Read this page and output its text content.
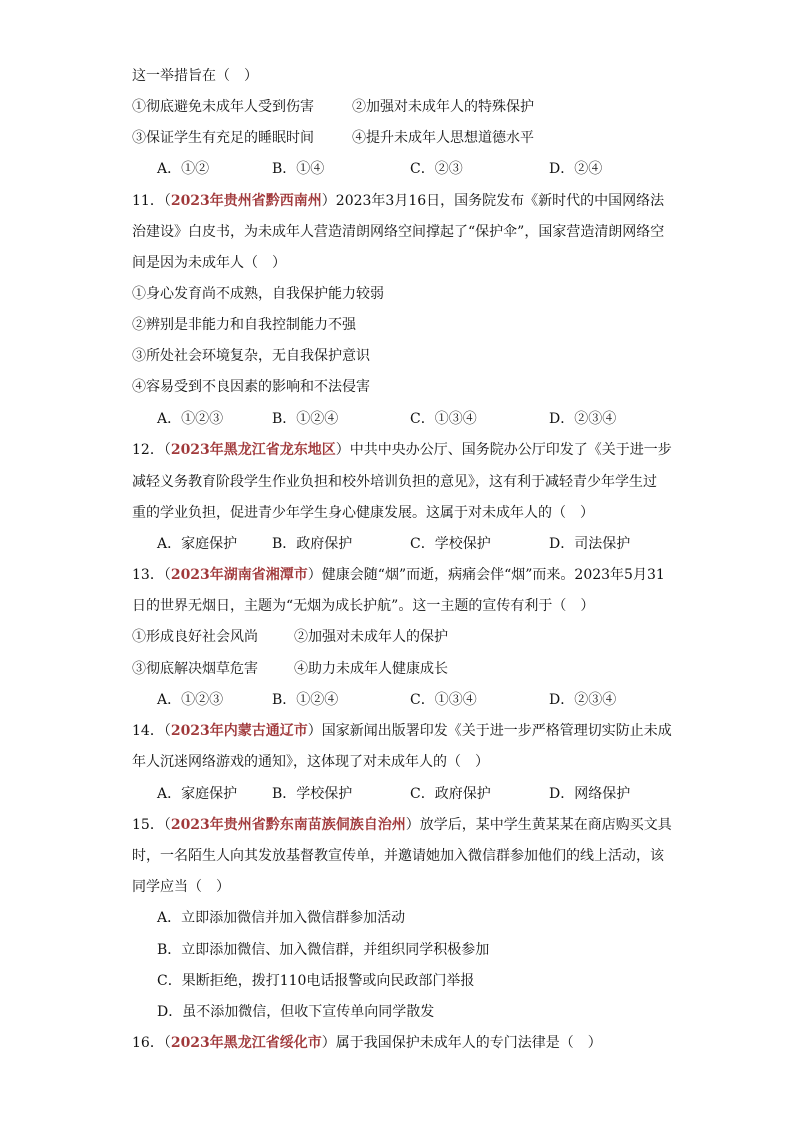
这一举措旨在（　）
①彻底避免未成年人受到伤害	②加强对未成年人的特殊保护
③保证学生有充足的睡眠时间	④提升未成年人思想道德水平
A．①②	B．①④	C．②③	D．②④
11．（2023年贵州省黔西南州）2023年3月16日，国务院发布《新时代的中国网络法
治建设》白皮书，为未成年人营造清朗网络空间撑起了“保护伞”，国家营造清朗网络空
间是因为未成年人（　）
①身心发育尚不成熟，自我保护能力较弱
②辨别是非能力和自我控制能力不强
③所处社会环境复杂，无自我保护意识
④容易受到不良因素的影响和不法侵害
A．①②③	B．①②④	C．①③④	D．②③④
12．（2023年黑龙江省龙东地区）中共中央办公厅、国务院办公厅印发了《关于进一步
减轻义务教育阶段学生作业负担和校外培训负担的意见》，这有利于减轻青少年学生过
重的学业负担，促进青少年学生身心健康发展。这属于对未成年人的（　）
A．家庭保护 B．政府保护	C．学校保护	D．司法保护
13．（2023年湖南省湘潭市）健康会随“烟”而逝，病痛会伴“烟”而来。2023年5月31
日的世界无烟日，主题为“无烟为成长护航”。这一主题的宣传有利于（　）
①形成良好社会风尚	②加强对未成年人的保护
③彻底解决烟草危害	④助力未成年人健康成长
A．①②③	B．①②④	C．①③④	D．②③④
14．（2023年内蒙古通辽市）国家新闻出版署印发《关于进一步严格管理切实防止未成
年人沉迷网络游戏的通知》，这体现了对未成年人的（　）
A．家庭保护 B．学校保护	C．政府保护	D．网络保护
15．（2023年贵州省黔东南苗族侗族自治州）放学后，某中学生黄某某在商店购买文具
时，一名陌生人向其发放基督教宣传单，并邀请她加入微信群参加他们的线上活动，该
同学应当（　）
A．立即添加微信并加入微信群参加活动
B．立即添加微信、加入微信群，并组织同学积极参加
C．果断拒绝，拨打110电话报警或向民政部门举报
D．虽不添加微信，但收下宣传单向同学散发
16．（2023年黑龙江省绥化市）属于我国保护未成年人的专门法律是（　）
